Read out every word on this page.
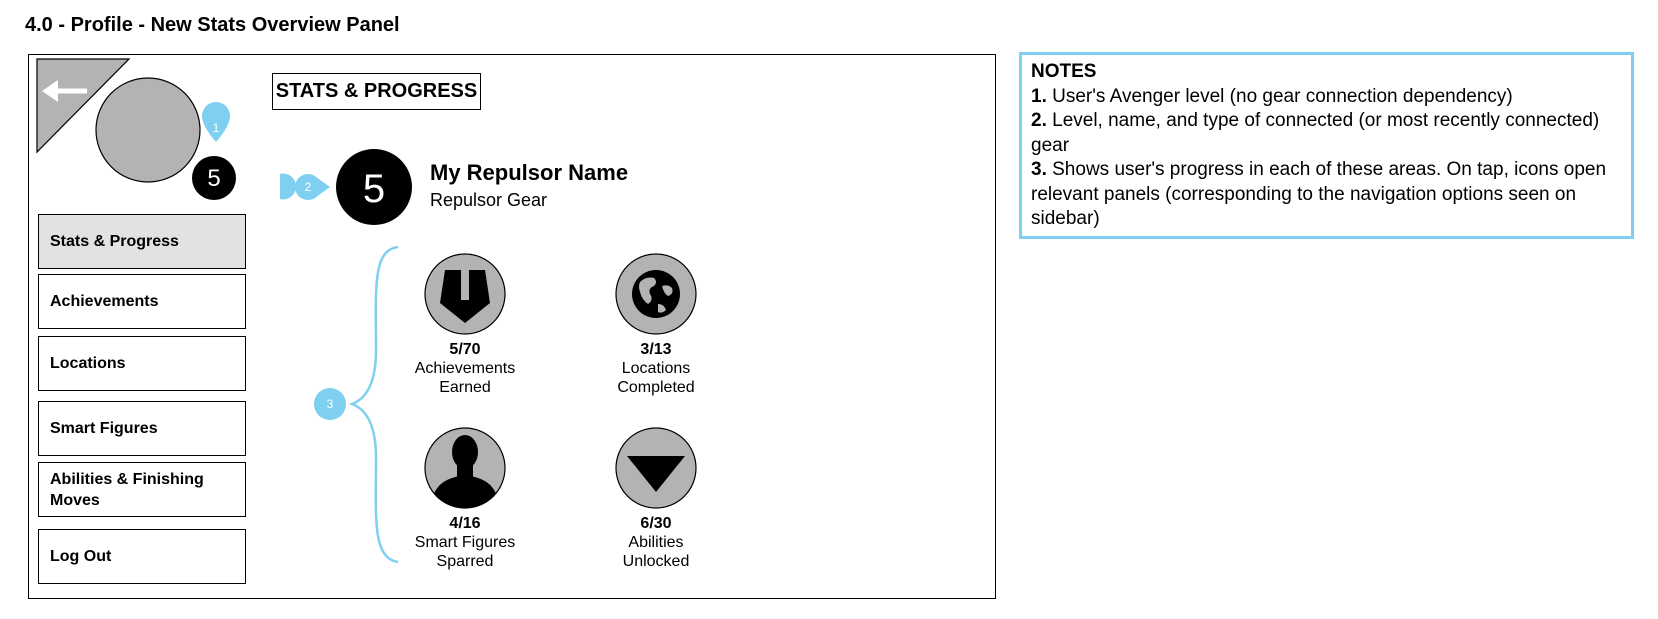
4.0 - Profile - New Stats Overview Panel
5
1
Stats & Progress
Achievements
Locations
Smart Figures
Abilities & Finishing Moves
Log Out
STATS & PROGRESS
2 5
3
My Repulsor Name
Repulsor Gear
5/70
Achievements
Earned
3/13
Locations
Completed
4/16
Smart Figures
Sparred
6/30
Abilities
Unlocked
NOTES
1. User's Avenger level (no gear connection dependency)
2. Level, name, and type of connected (or most recently connected) gear
3. Shows user's progress in each of these areas. On tap, icons open relevant panels (corresponding to the navigation options seen on sidebar)
